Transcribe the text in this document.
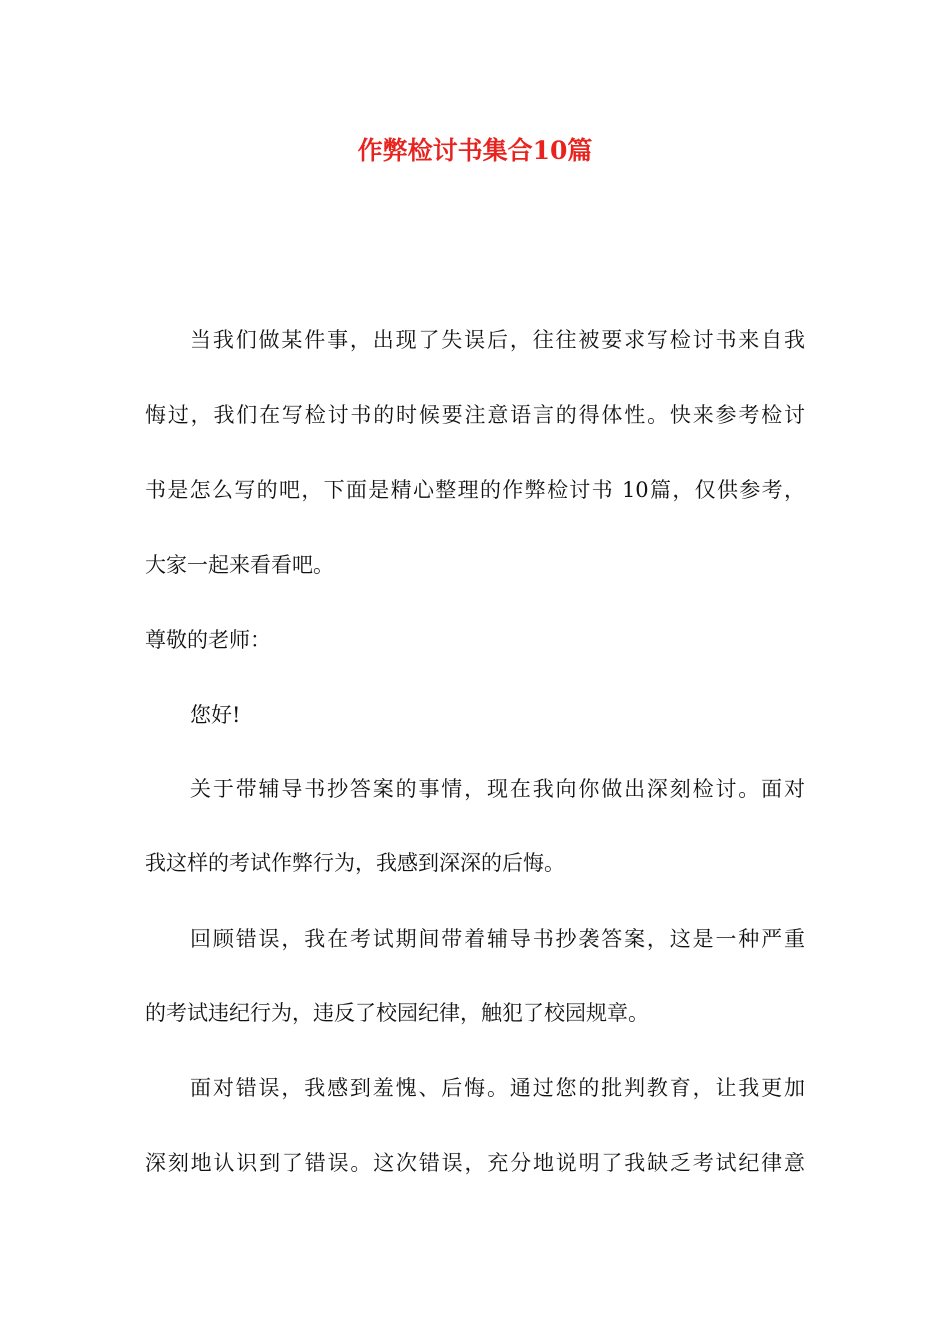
作弊检讨书集合10篇
当我们做某件事，出现了失误后，往往被要求写检讨书来自我
悔过，我们在写检讨书的时候要注意语言的得体性。快来参考检讨
书是怎么写的吧，下面是精心整理的作弊检讨书 10篇，仅供参考，
大家一起来看看吧。
尊敬的老师：
您好!
关于带辅导书抄答案的事情，现在我向你做出深刻检讨。面对
我这样的考试作弊行为，我感到深深的后悔。
回顾错误，我在考试期间带着辅导书抄袭答案，这是一种严重
的考试违纪行为，违反了校园纪律，触犯了校园规章。
面对错误，我感到羞愧、后悔。通过您的批判教育，让我更加
深刻地认识到了错误。这次错误，充分地说明了我缺乏考试纪律意
